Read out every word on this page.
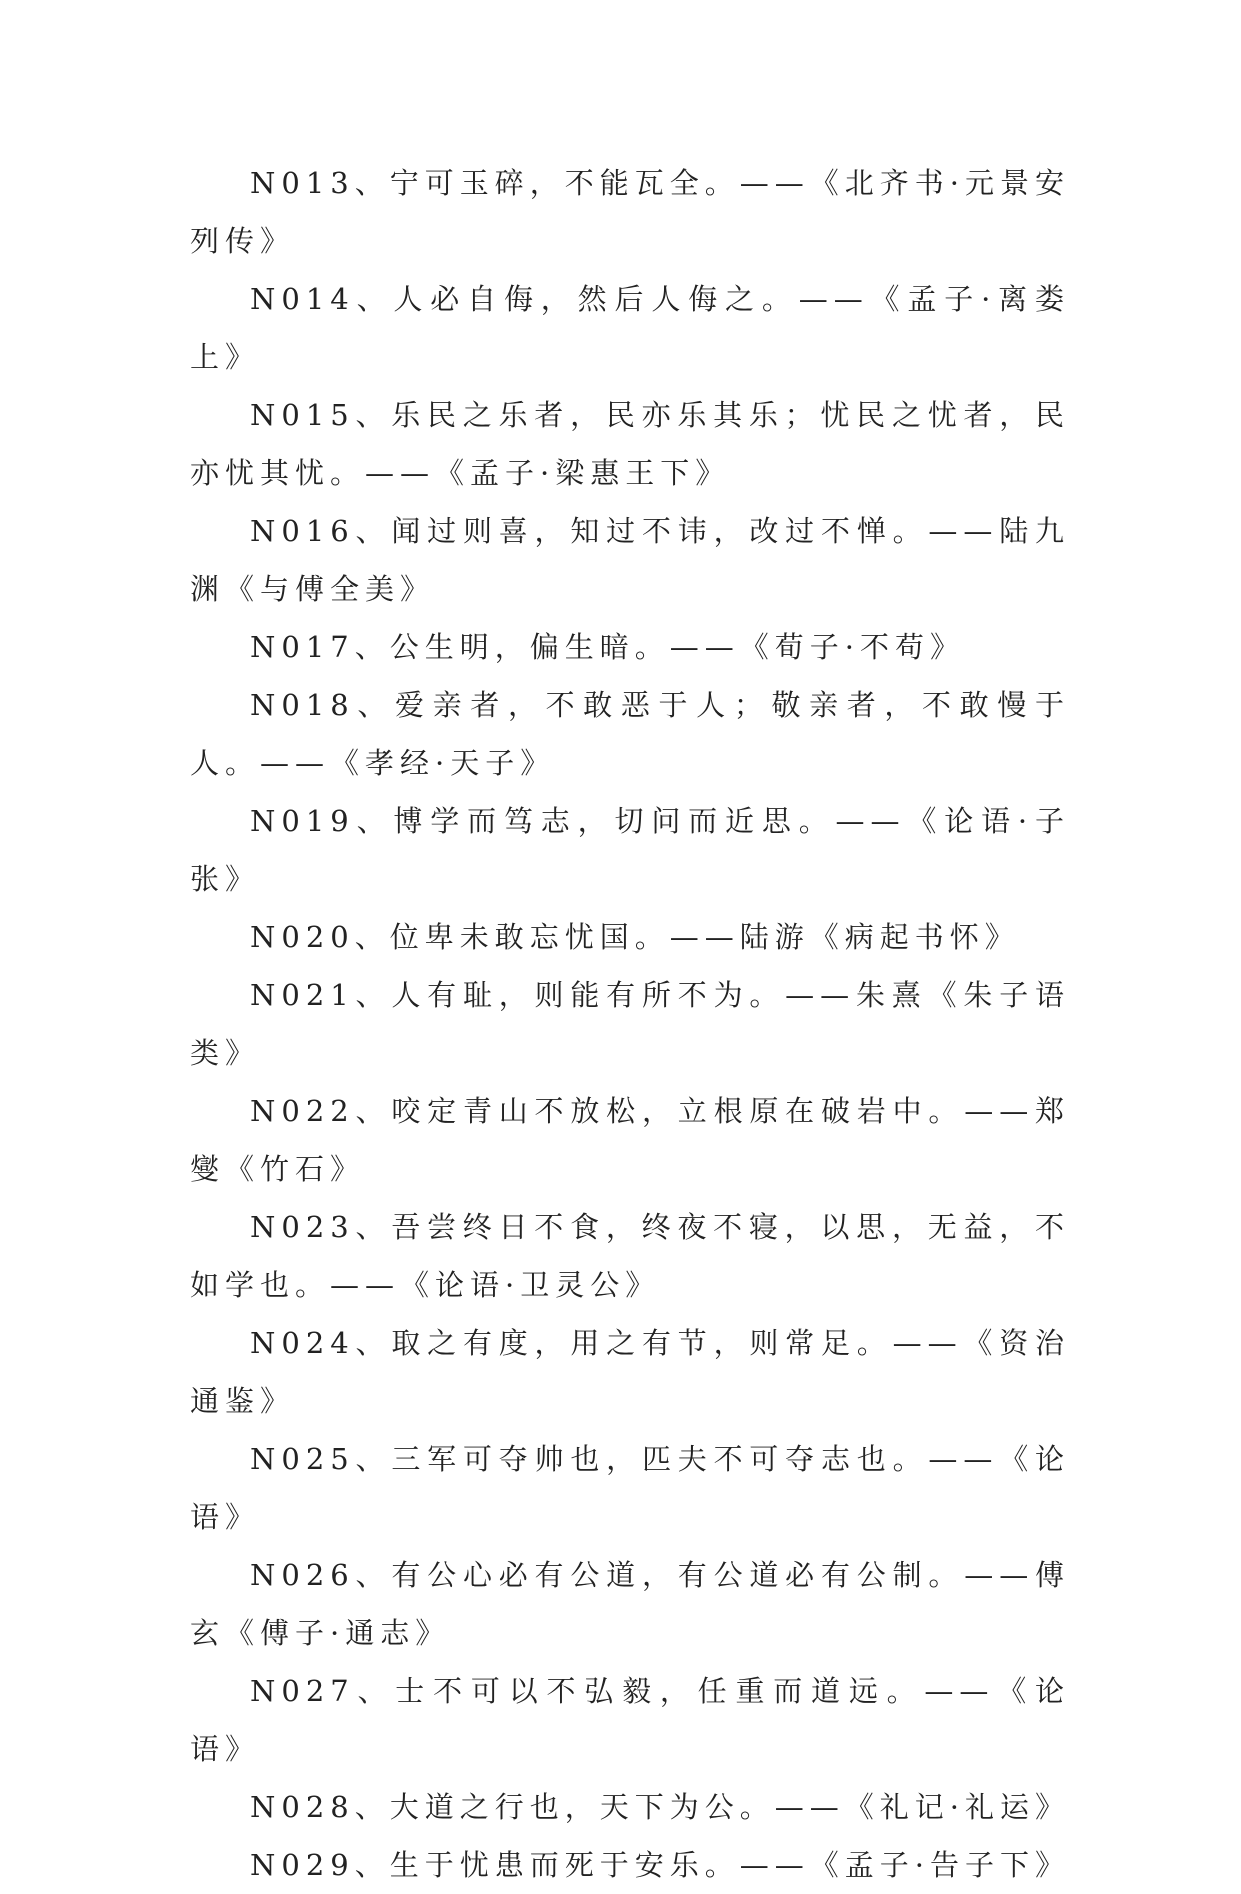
N013、宁可玉碎，不能瓦全。——《北齐书·元景安列传》

N014、人必自侮，然后人侮之。——《孟子·离娄上》

N015、乐民之乐者，民亦乐其乐；忧民之忧者，民亦忧其忧。——《孟子·梁惠王下》

N016、闻过则喜，知过不讳，改过不惮。——陆九渊《与傅全美》

N017、公生明，偏生暗。——《荀子·不苟》

N018、爱亲者，不敢恶于人；敬亲者，不敢慢于人。——《孝经·天子》

N019、博学而笃志，切问而近思。——《论语·子张》

N020、位卑未敢忘忧国。——陆游《病起书怀》

N021、人有耻，则能有所不为。——朱熹《朱子语类》

N022、咬定青山不放松，立根原在破岩中。——郑燮《竹石》

N023、吾尝终日不食，终夜不寝，以思，无益，不如学也。——《论语·卫灵公》

N024、取之有度，用之有节，则常足。——《资治通鉴》

N025、三军可夺帅也，匹夫不可夺志也。——《论语》

N026、有公心必有公道，有公道必有公制。——傅玄《傅子·通志》

N027、士不可以不弘毅，任重而道远。——《论语》

N028、大道之行也，天下为公。——《礼记·礼运》

N029、生于忧患而死于安乐。——《孟子·告子下》
